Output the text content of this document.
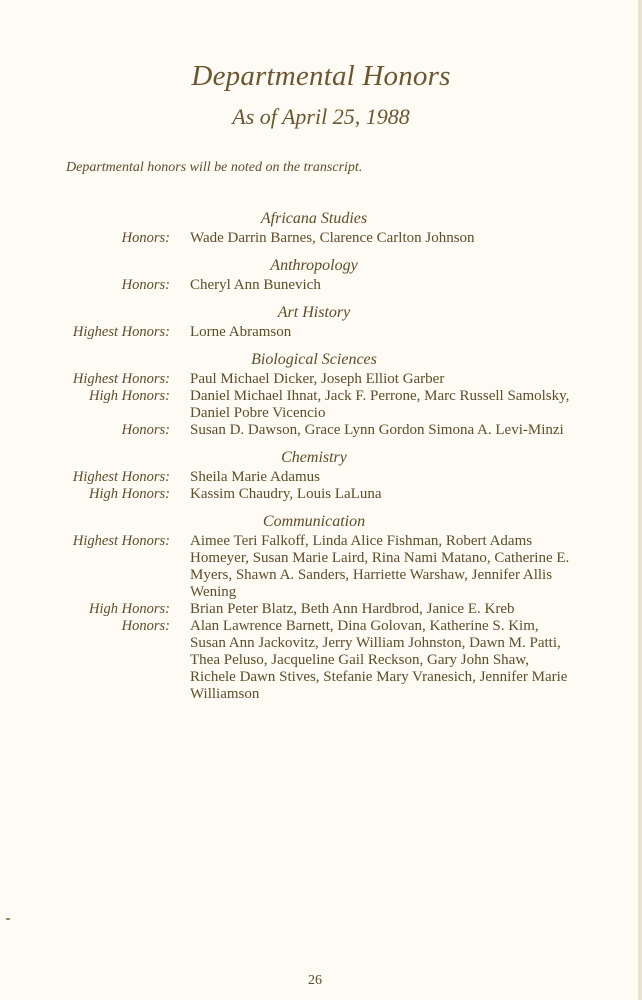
Departmental Honors
As of April 25, 1988
Departmental honors will be noted on the transcript.
Africana Studies
Honors: Wade Darrin Barnes, Clarence Carlton Johnson
Anthropology
Honors: Cheryl Ann Bunevich
Art History
Highest Honors: Lorne Abramson
Biological Sciences
Highest Honors: Paul Michael Dicker, Joseph Elliot Garber
High Honors: Daniel Michael Ihnat, Jack F. Perrone, Marc Russell Samolsky, Daniel Pobre Vicencio
Honors: Susan D. Dawson, Grace Lynn Gordon Simona A. Levi-Minzi
Chemistry
Highest Honors: Sheila Marie Adamus
High Honors: Kassim Chaudry, Louis LaLuna
Communication
Highest Honors: Aimee Teri Falkoff, Linda Alice Fishman, Robert Adams Homeyer, Susan Marie Laird, Rina Nami Matano, Catherine E. Myers, Shawn A. Sanders, Harriette Warshaw, Jennifer Allis Wening
High Honors: Brian Peter Blatz, Beth Ann Hardbrod, Janice E. Kreb
Honors: Alan Lawrence Barnett, Dina Golovan, Katherine S. Kim, Susan Ann Jackovitz, Jerry William Johnston, Dawn M. Patti, Thea Peluso, Jacqueline Gail Reckson, Gary John Shaw, Richele Dawn Stives, Stefanie Mary Vranesich, Jennifer Marie Williamson
26
